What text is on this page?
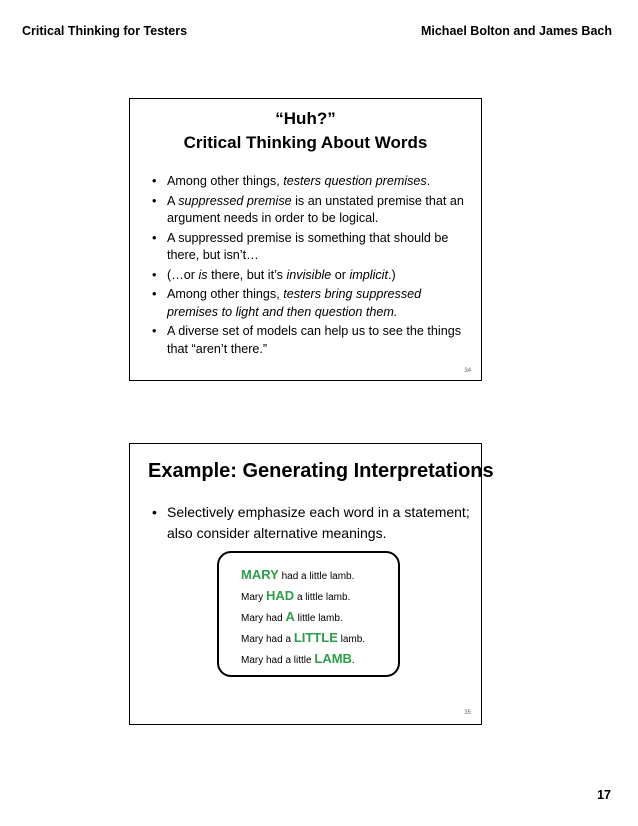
Critical Thinking for Testers	Michael Bolton and James Bach
“Huh?”
Critical Thinking About Words
• Among other things, testers question premises.
• A suppressed premise is an unstated premise that an argument needs in order to be logical.
• A suppressed premise is something that should be there, but isn’t…
• (…or is there, but it’s invisible or implicit.)
• Among other things, testers bring suppressed premises to light and then question them.
• A diverse set of models can help us to see the things that “aren’t there.”
34
Example: Generating Interpretations
• Selectively emphasize each word in a statement; also consider alternative meanings.
MARY had a little lamb.
Mary HAD a little lamb.
Mary had A little lamb.
Mary had a LITTLE lamb.
Mary had a little LAMB.
35
17
